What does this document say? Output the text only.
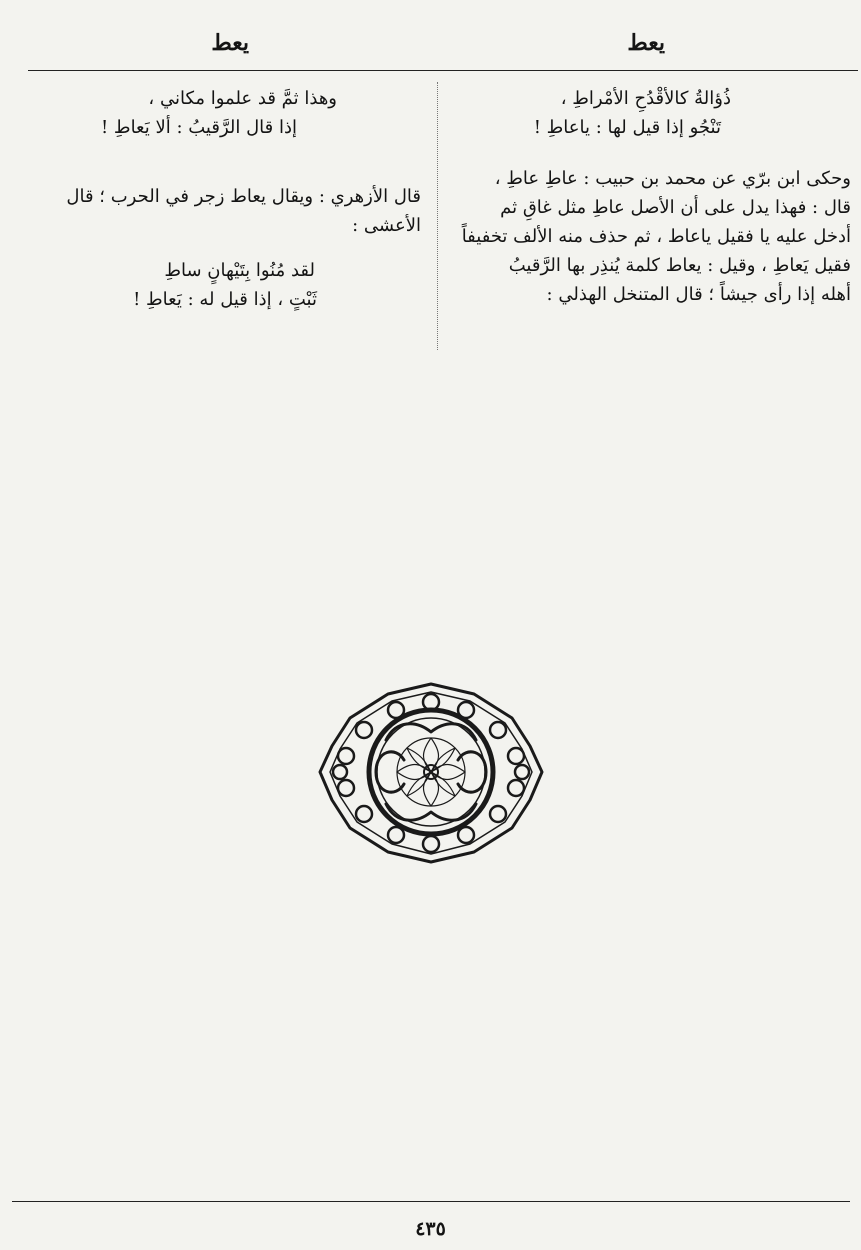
يعط
يعط
ذُؤالةُ كالأقْدُحِ الأمْراطِ ،
تَنْجُو إذا قيل لها : ياعاطِ !
وحكى ابن برّي عن محمد بن حبيب : عاطِ عاطِ ،
قال : فهذا يدل على أن الأصل عاطِ مثل غاقِ ثم
أدخل عليه يا فقيل ياعاط ، ثم حذف منه الألف تخفيفاً
فقيل يَعاطِ ، وقيل : يعاط كلمة يُنذِر بها الرَّقيبُ
أهله إذا رأى جيشاً ؛ قال المتنخل الهذلي :
وهذا ثمَّ قد علموا مكاني ،
إذا قال الرَّقيبُ : ألا يَعاطِ !
قال الأزهري : ويقال يعاط زجر في الحرب ؛ قال
الأعشى :
لقد مُنُوا بِتَيْهانٍ ساطِ
ثَبْتٍ ، إذا قيل له : يَعاطِ !
٤٣٥
